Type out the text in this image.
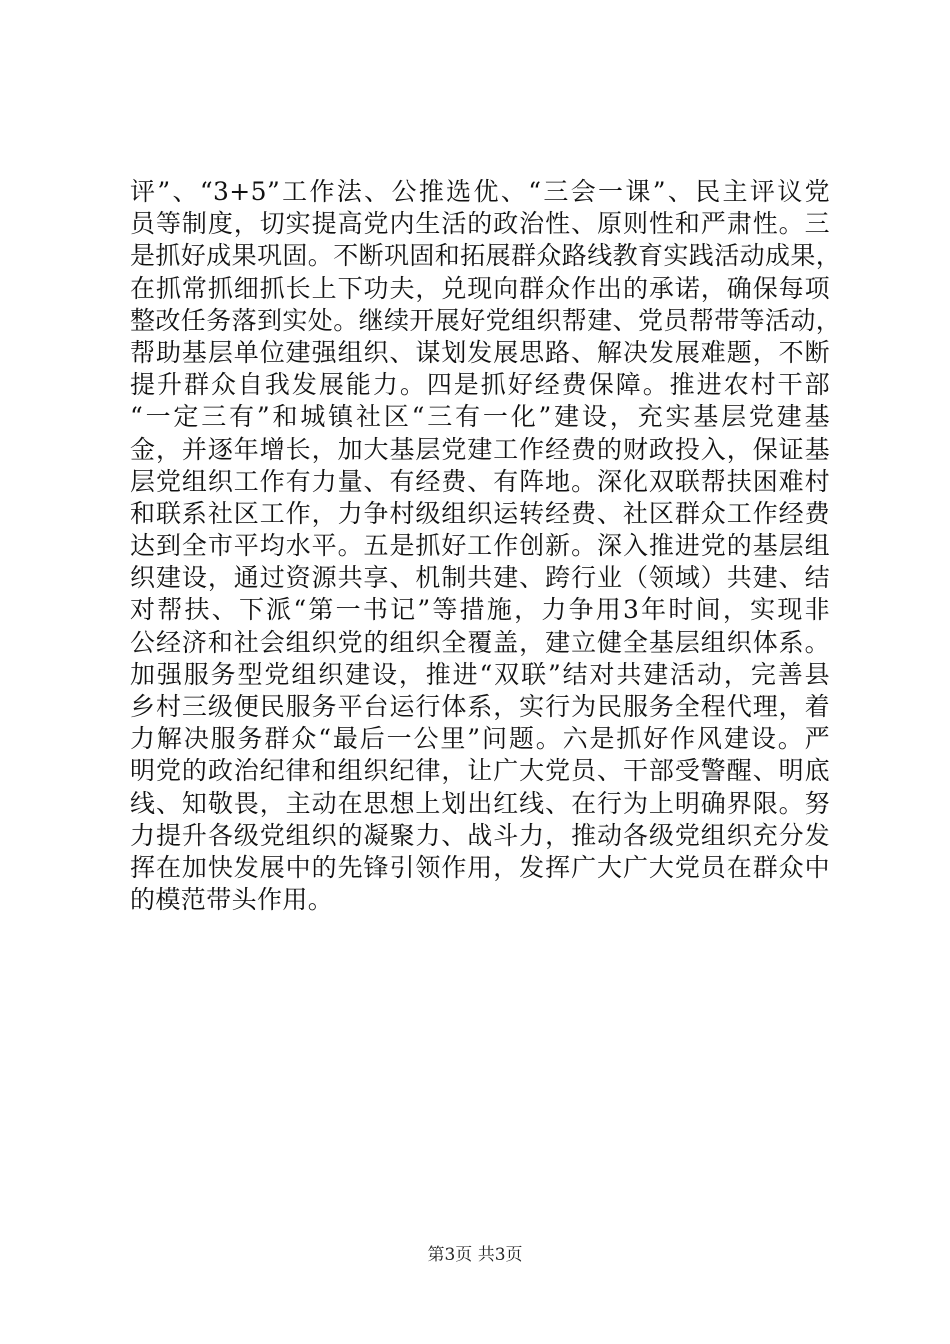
评”、“3+5”工作法、公推选优、“三会一课”、民主评议党
员等制度，切实提高党内生活的政治性、原则性和严肃性。三
是抓好成果巩固。不断巩固和拓展群众路线教育实践活动成果，
在抓常抓细抓长上下功夫，兑现向群众作出的承诺，确保每项
整改任务落到实处。继续开展好党组织帮建、党员帮带等活动，
帮助基层单位建强组织、谋划发展思路、解决发展难题，不断
提升群众自我发展能力。四是抓好经费保障。推进农村干部
“一定三有”和城镇社区“三有一化”建设，充实基层党建基
金，并逐年增长，加大基层党建工作经费的财政投入，保证基
层党组织工作有力量、有经费、有阵地。深化双联帮扶困难村
和联系社区工作，力争村级组织运转经费、社区群众工作经费
达到全市平均水平。五是抓好工作创新。深入推进党的基层组
织建设，通过资源共享、机制共建、跨行业（领域）共建、结
对帮扶、下派“第一书记”等措施，力争用3年时间，实现非
公经济和社会组织党的组织全覆盖，建立健全基层组织体系。
加强服务型党组织建设，推进“双联”结对共建活动，完善县
乡村三级便民服务平台运行体系，实行为民服务全程代理，着
力解决服务群众“最后一公里”问题。六是抓好作风建设。严
明党的政治纪律和组织纪律，让广大党员、干部受警醒、明底
线、知敬畏，主动在思想上划出红线、在行为上明确界限。努
力提升各级党组织的凝聚力、战斗力，推动各级党组织充分发
挥在加快发展中的先锋引领作用，发挥广大广大党员在群众中
的模范带头作用。
第3页 共3页
